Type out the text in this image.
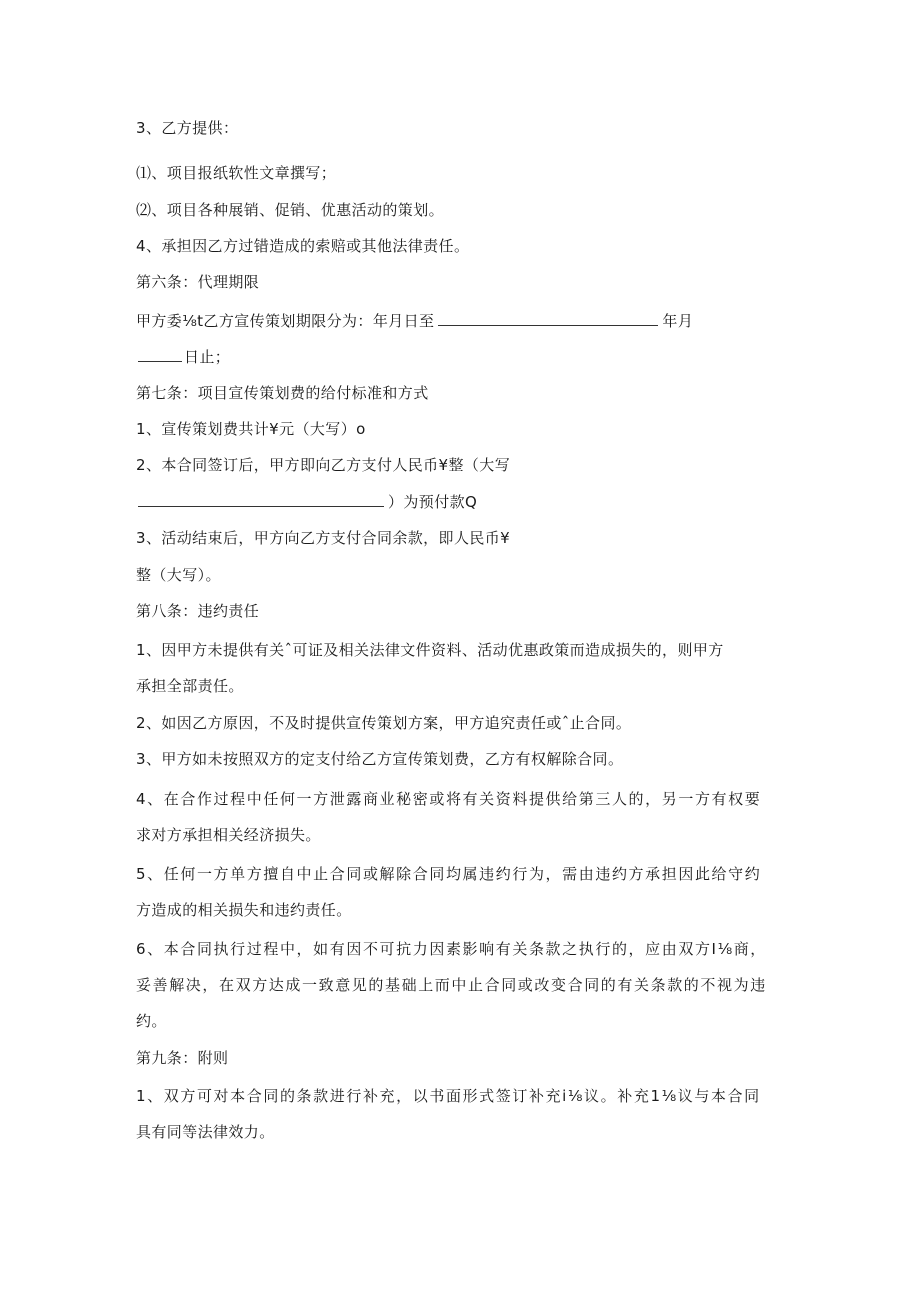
3、乙方提供：
⑴、项目报纸软性文章撰写；
⑵、项目各种展销、促销、优惠活动的策划。
4、承担因乙方过错造成的索赔或其他法律责任。
第六条：代理期限
甲方委⅛t乙方宣传策划期限分为：年月日至	年月
日止；
第七条：项目宣传策划费的给付标准和方式
1、宣传策划费共计¥元（大写）o
2、本合同签订后，甲方即向乙方支付人民币¥整（大写
）为预付款Q
3、活动结束后，甲方向乙方支付合同余款，即人民币¥
整（大写）。
第八条：违约责任
1、因甲方未提供有关ˆ可证及相关法律文件资料、活动优惠政策而造成损失的，则甲方
承担全部责任。
2、如因乙方原因，不及时提供宣传策划方案，甲方追究责任或ˆ止合同。
3、甲方如未按照双方的定支付给乙方宣传策划费，乙方有权解除合同。
4、在合作过程中任何一方泄露商业秘密或将有关资料提供给第三人的，另一方有权要
求对方承担相关经济损失。
5、任何一方单方擅自中止合同或解除合同均属违约行为，需由违约方承担因此给守约
方造成的相关损失和违约责任。
6、本合同执行过程中，如有因不可抗力因素影响有关条款之执行的，应由双方Ⅰ⅛商，
妥善解决，在双方达成一致意见的基础上而中止合同或改变合同的有关条款的不视为违
约。
第九条：附则
1、双方可对本合同的条款进行补充，以书面形式签订补充i⅛议。补充1⅛议与本合同
具有同等法律效力。
